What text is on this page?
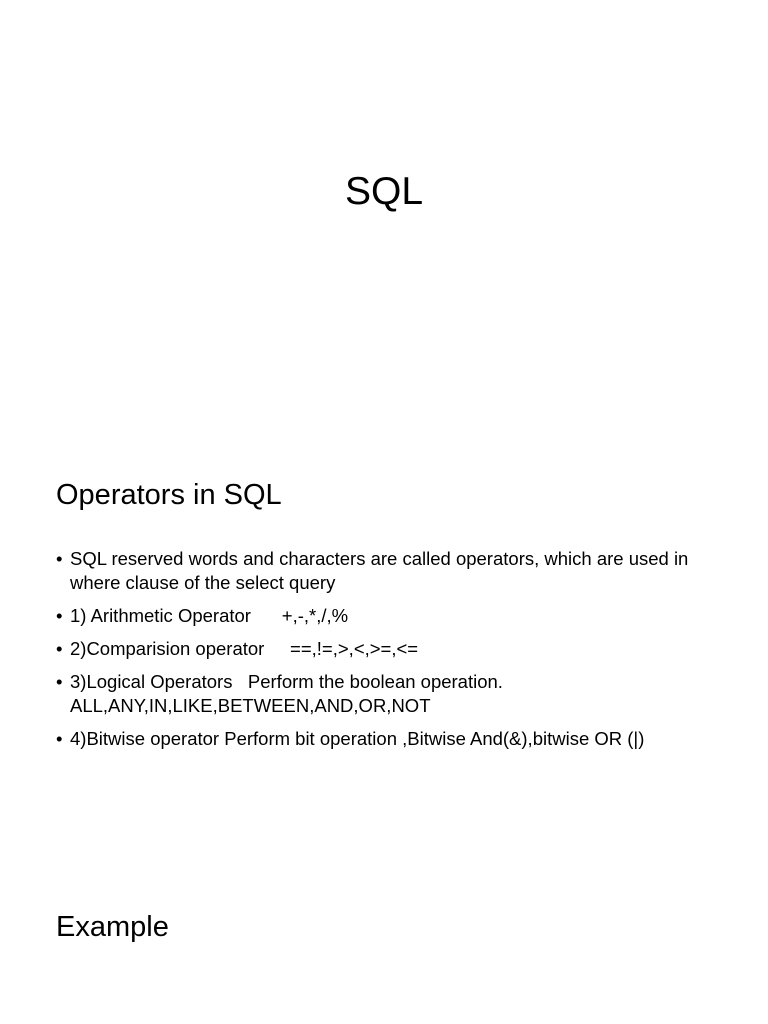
SQL
Operators in SQL
• SQL reserved words and characters are called operators, which are used in where clause of the select query
• 1) Arithmetic Operator      +,-,*,/,%
• 2)Comparision operator     ==,!=,>,<,>=,<=
• 3)Logical Operators   Perform the boolean operation. ALL,ANY,IN,LIKE,BETWEEN,AND,OR,NOT
• 4)Bitwise operator Perform bit operation ,Bitwise And(&),bitwise OR (|)
Example
